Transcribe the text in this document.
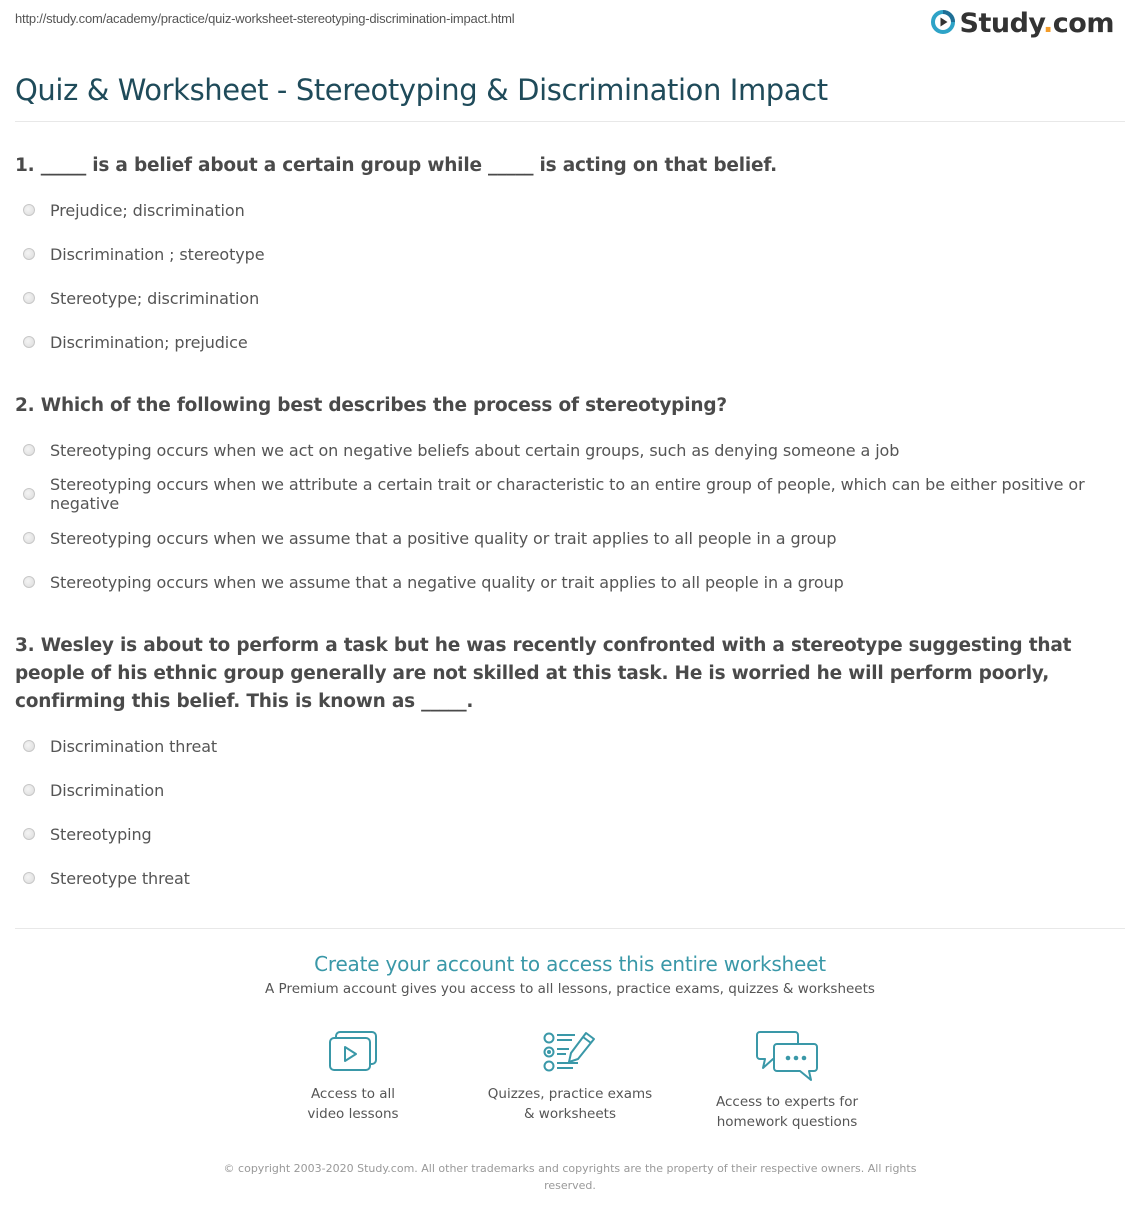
http://study.com/academy/practice/quiz-worksheet-stereotyping-discrimination-impact.html	Study.com
Quiz & Worksheet - Stereotyping & Discrimination Impact

1. _____ is a belief about a certain group while _____ is acting on that belief.

Prejudice; discrimination
Discrimination ; stereotype
Stereotype; discrimination
Discrimination; prejudice

2. Which of the following best describes the process of stereotyping?

Stereotyping occurs when we act on negative beliefs about certain groups, such as denying someone a job
Stereotyping occurs when we attribute a certain trait or characteristic to an entire group of people, which can be either positive or negative
Stereotyping occurs when we assume that a positive quality or trait applies to all people in a group
Stereotyping occurs when we assume that a negative quality or trait applies to all people in a group

3. Wesley is about to perform a task but he was recently confronted with a stereotype suggesting that people of his ethnic group generally are not skilled at this task. He is worried he will perform poorly, confirming this belief. This is known as _____.

Discrimination threat
Discrimination
Stereotyping
Stereotype threat

Create your account to access this entire worksheet

A Premium account gives you access to all lessons, practice exams, quizzes & worksheets

Access to all
video lessons
Quizzes, practice exams
& worksheets
Access to experts for
homework questions
© copyright 2003-2020 Study.com. All other trademarks and copyrights are the property of their respective owners. All rights reserved.
